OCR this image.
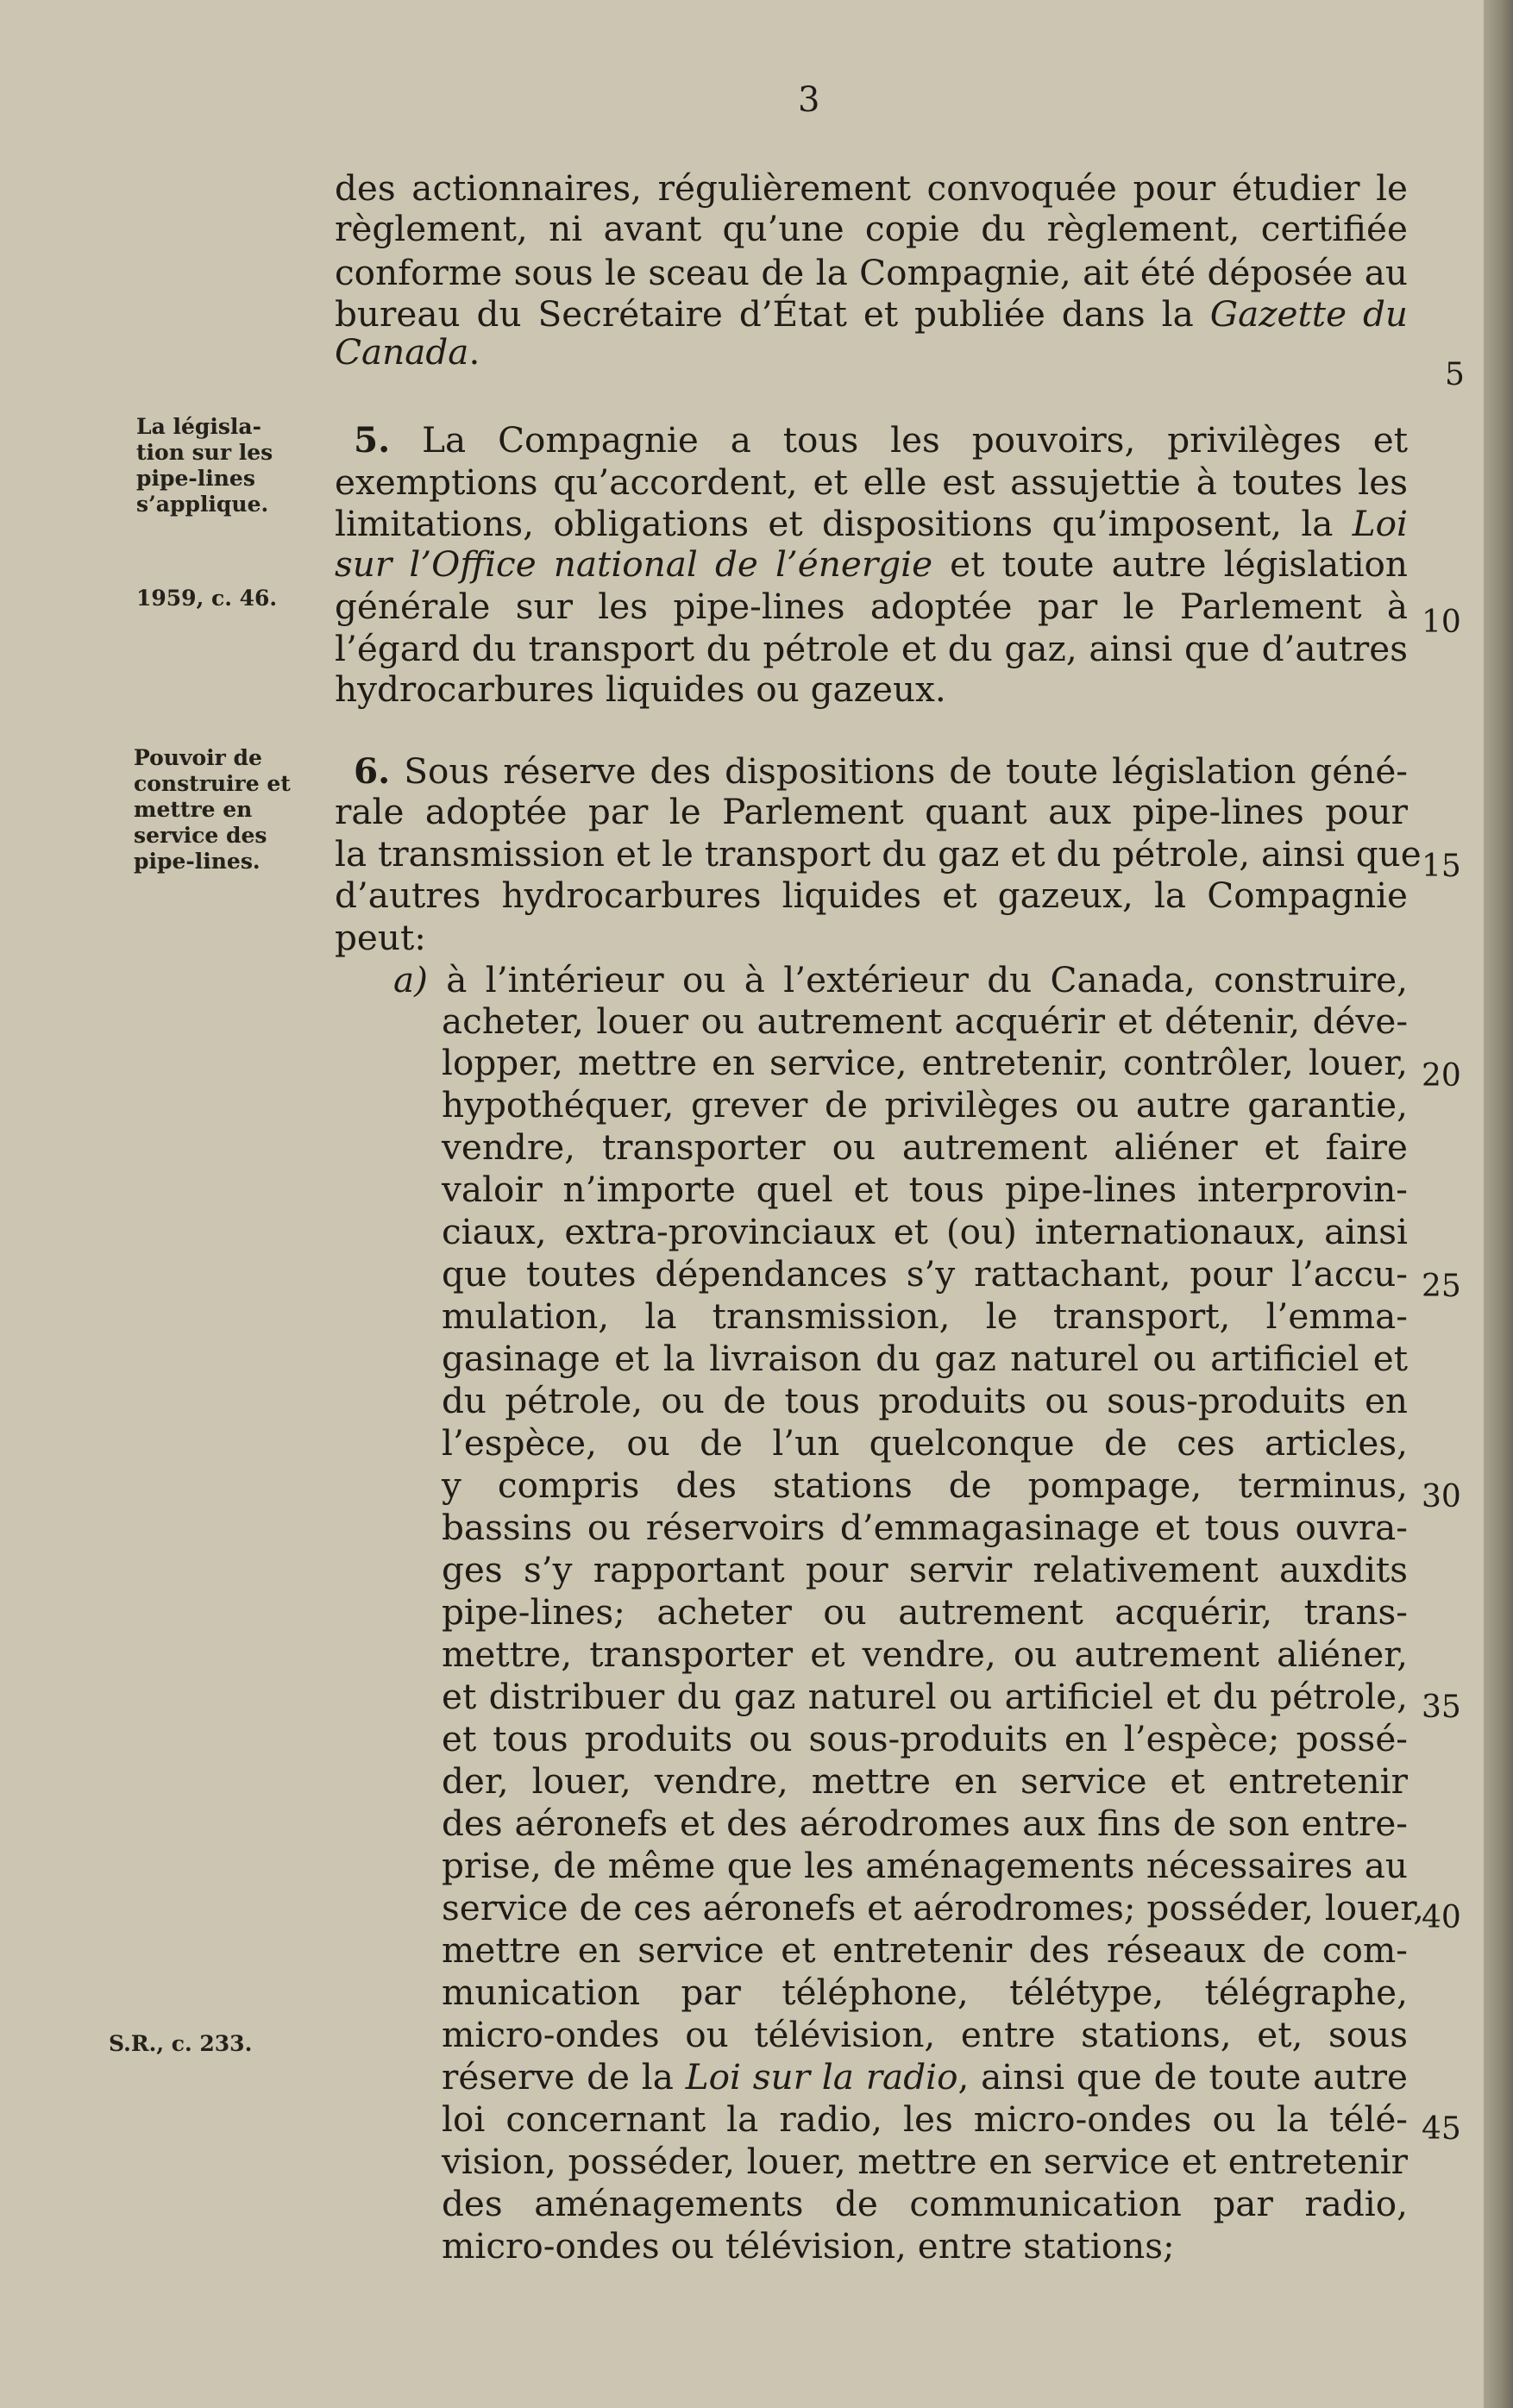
3
La législa-
tion sur les
pipe-lines
s’applique.
1959, c. 46.
Pouvoir de
construire et
mettre en
service des
pipe-lines.
S.R., c. 233.
5
10
15
20
25
30
35
40
45
des actionnaires, régulièrement convoquée pour étudier le
règlement, ni avant qu’une copie du règlement, certifiée
conforme sous le sceau de la Compagnie, ait été déposée au
bureau du Secrétaire d’État et publiée dans la Gazette du
Canada.
5. La Compagnie a tous les pouvoirs, privilèges et
exemptions qu’accordent, et elle est assujettie à toutes les
limitations, obligations et dispositions qu’imposent, la Loi
sur l’Office national de l’énergie et toute autre législation
générale sur les pipe-lines adoptée par le Parlement à
l’égard du transport du pétrole et du gaz, ainsi que d’autres
hydrocarbures liquides ou gazeux.
6. Sous réserve des dispositions de toute législation géné-
rale adoptée par le Parlement quant aux pipe-lines pour
la transmission et le transport du gaz et du pétrole, ainsi que
d’autres hydrocarbures liquides et gazeux, la Compagnie
peut:
a) à l’intérieur ou à l’extérieur du Canada, construire,
acheter, louer ou autrement acquérir et détenir, déve-
lopper, mettre en service, entretenir, contrôler, louer,
hypothéquer, grever de privilèges ou autre garantie,
vendre, transporter ou autrement aliéner et faire
valoir n’importe quel et tous pipe-lines interprovin-
ciaux, extra-provinciaux et (ou) internationaux, ainsi
que toutes dépendances s’y rattachant, pour l’accu-
mulation, la transmission, le transport, l’emma-
gasinage et la livraison du gaz naturel ou artificiel et
du pétrole, ou de tous produits ou sous-produits en
l’espèce, ou de l’un quelconque de ces articles,
y compris des stations de pompage, terminus,
bassins ou réservoirs d’emmagasinage et tous ouvra-
ges s’y rapportant pour servir relativement auxdits
pipe-lines; acheter ou autrement acquérir, trans-
mettre, transporter et vendre, ou autrement aliéner,
et distribuer du gaz naturel ou artificiel et du pétrole,
et tous produits ou sous-produits en l’espèce; possé-
der, louer, vendre, mettre en service et entretenir
des aéronefs et des aérodromes aux fins de son entre-
prise, de même que les aménagements nécessaires au
service de ces aéronefs et aérodromes; posséder, louer,
mettre en service et entretenir des réseaux de com-
munication par téléphone, télétype, télégraphe,
micro-ondes ou télévision, entre stations, et, sous
réserve de la Loi sur la radio, ainsi que de toute autre
loi concernant la radio, les micro-ondes ou la télé-
vision, posséder, louer, mettre en service et entretenir
des aménagements de communication par radio,
micro-ondes ou télévision, entre stations;
